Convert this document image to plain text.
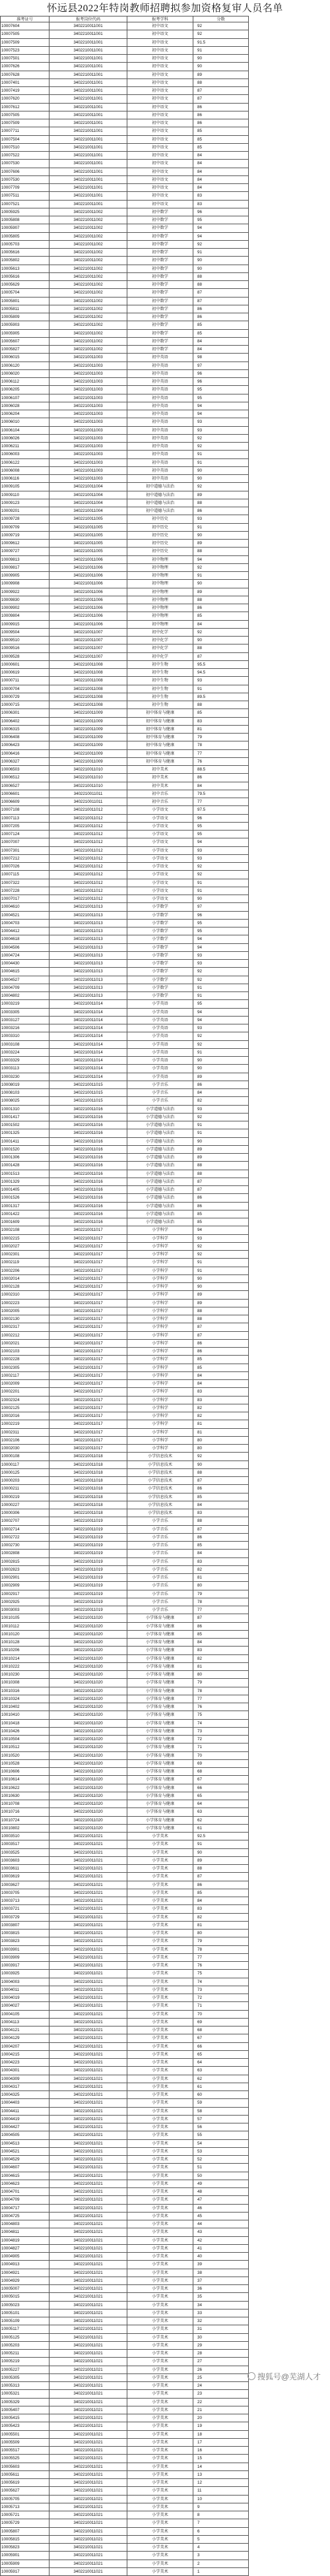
怀远县2022年特岗教师招聘拟参加资格复审人员名单
准考证号	报考岗位代码	报考学科	分数
10007604	3402210011001	初中语文	92
10007505	3402210011001	初中语文	92
10007509	3402210011001	初中语文	91.5
10007523	3402210011001	初中语文	91
10007501	3402210011001	初中语文	90
10007626	3402210011001	初中语文	90
10007628	3402210011001	初中语文	89
10007401	3402210011001	初中语文	88
10007419	3402210011001	初中语文	87
10007620	3402210011001	初中语文	87
10007612	3402210011001	初中语文	86
10007505	3402210011001	初中语文	86
10007509	3402210011001	初中语文	86
10007711	3402210011001	初中语文	85
10007504	3402210011001	初中语文	85
10007510	3402210011001	初中语文	85
10007522	3402210011001	初中语文	84
10007530	3402210011001	初中语文	84
10007606	3402210011001	初中语文	84
10007530	3402210011001	初中语文	84
10007709	3402210011001	初中语文	84
10007511	3402210011001	初中语文	83
10007521	3402210011001	初中语文	83
10005925	3402210011002	初中数学	96
10005808	3402210011002	初中数学	95
10005907	3402210011002	初中数学	94
10005805	3402210011002	初中数学	94
10005703	3402210011002	初中数学	92
10005616	3402210011002	初中数学	91
10005802	3402210011002	初中数学	90
10005613	3402210011002	初中数学	90
10005616	3402210011002	初中数学	88
10005629	3402210011002	初中数学	88
10005704	3402210011002	初中数学	87
10005801	3402210011002	初中数学	87
10005811	3402210011002	初中数学	86
10005809	3402210011002	初中数学	86
10005903	3402210011002	初中数学	85
10005905	3402210011002	初中数学	85
10005607	3402210011002	初中数学	84
10005827	3402210011002	初中数学	84
10006015	3402210011003	初中英语	98
10006120	3402210011003	初中英语	97
10006020	3402210011003	初中英语	96
10006112	3402210011003	初中英语	96
10006205	3402210011003	初中英语	95
10006107	3402210011003	初中英语	95
10006028	3402210011003	初中英语	94
10006204	3402210011003	初中英语	94
10006010	3402210011003	初中英语	93
10006104	3402210011003	初中英语	93
10006026	3402210011003	初中英语	92
10006211	3402210011003	初中英语	92
10006003	3402210011003	初中英语	91
10006122	3402210011003	初中英语	91
10006008	3402210011003	初中英语	90
10006116	3402210011003	初中英语	90
10009105	3402210011004	初中道德与法治	92
10009110	3402210011004	初中道德与法治	89
10009123	3402210011004	初中道德与法治	88
10009201	3402210011004	初中道德与法治	86
10009728	3402210011005	初中历史	93
10009709	3402210011005	初中历史	91
10009719	3402210011005	初中历史	90
10009612	3402210011005	初中历史	89
10009727	3402210011005	初中历史	88
10009813	3402210011006	初中物理	94
10009817	3402210011006	初中物理	92
10009905	3402210011006	初中物理	91
10009908	3402210011006	初中物理	90
10009922	3402210011006	初中物理	89
10009830	3402210011006	初中物理	88
10009902	3402210011006	初中物理	86
10009804	3402210011006	初中物理	85
10009915	3402210011006	初中物理	84
10009504	3402210011007	初中化学	92
10009510	3402210011007	初中化学	90
10009516	3402210011007	初中化学	88
10009528	3402210011007	初中化学	87
10000601	3402210011008	初中生物	95.5
10000619	3402210011008	初中生物	94.5
10000711	3402210011008	初中生物	93
10000704	3402210011008	初中生物	91
10000729	3402210011008	初中生物	89.5
10000715	3402210011008	初中生物	88
10006301	3402210011009	初中体育与健康	85
10006402	3402210011009	初中体育与健康	83
10006315	3402210011009	初中体育与健康	81
10006408	3402210011009	初中体育与健康	79
10006423	3402210011009	初中体育与健康	78
10006416	3402210011009	初中体育与健康	77
10006327	3402210011009	初中体育与健康	76
10006503	3402210011010	初中美术	88.5
10006512	3402210011010	初中美术	86
10006527	3402210011010	初中美术	84
10006601	3402210011011	初中音乐	79.5
10006609	3402210011011	初中音乐	77
10007108	3402210011012	小学语文	97.5
10007113	3402210011012	小学语文	96
10007205	3402210011012	小学语文	95
10007124	3402210011012	小学语文	95
10007007	3402210011012	小学语文	94
10007301	3402210011012	小学语文	93
10007212	3402210011012	小学语文	93
10007026	3402210011012	小学语文	92
10007115	3402210011012	小学语文	92
10007322	3402210011012	小学语文	91
10007228	3402210011012	小学语文	91
10007017	3402210011012	小学语文	90
10004610	3402210011013	小学数学	97
10004521	3402210011013	小学数学	96
10004703	3402210011013	小学数学	95
10004412	3402210011013	小学数学	95
10004618	3402210011013	小学数学	94
10004506	3402210011013	小学数学	94
10004724	3402210011013	小学数学	93
10004430	3402210011013	小学数学	93
10004615	3402210011013	小学数学	92
10004527	3402210011013	小学数学	92
10004709	3402210011013	小学数学	91
10004802	3402210011013	小学数学	91
10003219	3402210011014	小学英语	95
10003305	3402210011014	小学英语	94
10003127	3402210011014	小学英语	94
10003216	3402210011014	小学英语	93
10003310	3402210011014	小学英语	92
10003108	3402210011014	小学英语	92
10003224	3402210011014	小学英语	91
10003329	3402210011014	小学英语	90
10003113	3402210011014	小学英语	90
10003230	3402210011014	小学英语	89
10008019	3402210011015	小学音乐	86
10008103	3402210011015	小学音乐	84
10008025	3402210011015	小学音乐	82
10001310	3402210011016	小学道德与法治	93
10001417	3402210011016	小学道德与法治	92
10001502	3402210011016	小学道德与法治	91
10001325	3402210011016	小学道德与法治	91
10001411	3402210011016	小学道德与法治	90
10001520	3402210011016	小学道德与法治	89
10001306	3402210011016	小学道德与法治	89
10001428	3402210011016	小学道德与法治	88
10001513	3402210011016	小学道德与法治	88
10001329	3402210011016	小学道德与法治	87
10001405	3402210011016	小学道德与法治	87
10001526	3402210011016	小学道德与法治	86
10001317	3402210011016	小学道德与法治	86
10001422	3402210011016	小学道德与法治	85
10001609	3402210011016	小学道德与法治	85
10002108	3402210011017	小学科学	94
10002215	3402210011017	小学科学	93
10002027	3402210011017	小学科学	92
10002301	3402210011017	小学科学	92
10002119	3402210011017	小学科学	91
10002206	3402210011017	小学科学	91
10002014	3402210011017	小学科学	90
10002128	3402210011017	小学科学	90
10002310	3402210011017	小学科学	89
10002223	3402210011017	小学科学	89
10002005	3402210011017	小学科学	88
10002130	3402210011017	小学科学	88
10002317	3402210011017	小学科学	87
10002212	3402210011017	小学科学	87
10002021	3402210011017	小学科学	86
10002103	3402210011017	小学科学	86
10002228	3402210011017	小学科学	85
10002305	3402210011017	小学科学	85
10002117	3402210011017	小学科学	84
10002009	3402210011017	小学科学	84
10002201	3402210011017	小学科学	83
10002324	3402210011017	小学科学	83
10002125	3402210011017	小学科学	82
10002016	3402210011017	小学科学	82
10002219	3402210011017	小学科学	81
10002311	3402210011017	小学科学	81
10002106	3402210011017	小学科学	80
10002030	3402210011017	小学科学	80
10000108	3402210011018	小学信息技术	92
10000117	3402210011018	小学信息技术	90
10000125	3402210011018	小学信息技术	88
10000203	3402210011018	小学信息技术	87
10000211	3402210011018	小学信息技术	86
10000219	3402210011018	小学信息技术	85
10000227	3402210011018	小学信息技术	84
10000306	3402210011018	小学信息技术	83
10002707	3402210011019	小学音乐	88
10002714	3402210011019	小学音乐	87
10002722	3402210011019	小学音乐	86
10002730	3402210011019	小学音乐	85
10002808	3402210011019	小学音乐	84
10002815	3402210011019	小学音乐	83
10002823	3402210011019	小学音乐	82
10002901	3402210011019	小学音乐	81
10002909	3402210011019	小学音乐	80
10002917	3402210011019	小学音乐	79
10002925	3402210011019	小学音乐	78
10003003	3402210011019	小学音乐	77
10010105	3402210011020	小学体育与健康	87
10010112	3402210011020	小学体育与健康	86
10010120	3402210011020	小学体育与健康	85
10010128	3402210011020	小学体育与健康	84
10010206	3402210011020	小学体育与健康	83
10010214	3402210011020	小学体育与健康	82
10010222	3402210011020	小学体育与健康	81
10010230	3402210011020	小学体育与健康	80
10010308	3402210011020	小学体育与健康	79
10010316	3402210011020	小学体育与健康	78
10010324	3402210011020	小学体育与健康	77
10010402	3402210011020	小学体育与健康	76
10010410	3402210011020	小学体育与健康	75
10010418	3402210011020	小学体育与健康	74
10010426	3402210011020	小学体育与健康	73
10010504	3402210011020	小学体育与健康	72
10010512	3402210011020	小学体育与健康	71
10010520	3402210011020	小学体育与健康	70
10010528	3402210011020	小学体育与健康	69
10010606	3402210011020	小学体育与健康	68
10010614	3402210011020	小学体育与健康	67
10010622	3402210011020	小学体育与健康	66
10010630	3402210011020	小学体育与健康	65
10010708	3402210011020	小学体育与健康	64
10010716	3402210011020	小学体育与健康	63
10010724	3402210011020	小学体育与健康	62
10010802	3402210011020	小学体育与健康	61
10003510	3402210011021	小学美术	92.5
10003517	3402210011021	小学美术	91
10003525	3402210011021	小学美术	90
10003603	3402210011021	小学美术	89
10003611	3402210011021	小学美术	88
10003619	3402210011021	小学美术	87
10003627	3402210011021	小学美术	86
10003705	3402210011021	小学美术	85
10003713	3402210011021	小学美术	84
10003721	3402210011021	小学美术	83
10003729	3402210011021	小学美术	82
10003807	3402210011021	小学美术	81
10003815	3402210011021	小学美术	80
10003823	3402210011021	小学美术	79
10003901	3402210011021	小学美术	78
10003909	3402210011021	小学美术	77
10003917	3402210011021	小学美术	76
10003925	3402210011021	小学美术	75
10004003	3402210011021	小学美术	74
10004011	3402210011021	小学美术	73
10004019	3402210011021	小学美术	72
10004027	3402210011021	小学美术	71
10004105	3402210011021	小学美术	70
10004113	3402210011021	小学美术	69
10004121	3402210011021	小学美术	68
10004129	3402210011021	小学美术	67
10004207	3402210011021	小学美术	66
10004215	3402210011021	小学美术	65
10004223	3402210011021	小学美术	64
10004301	3402210011021	小学美术	63
10004309	3402210011021	小学美术	62
10004317	3402210011021	小学美术	61
10004325	3402210011021	小学美术	60
10004403	3402210011021	小学美术	59
10004411	3402210011021	小学美术	58
10004419	3402210011021	小学美术	57
10004427	3402210011021	小学美术	56
10004505	3402210011021	小学美术	55
10004513	3402210011021	小学美术	54
10004521	3402210011021	小学美术	53
10004529	3402210011021	小学美术	52
10004607	3402210011021	小学美术	51
10004615	3402210011021	小学美术	50
10004623	3402210011021	小学美术	49
10004701	3402210011021	小学美术	48
10004709	3402210011021	小学美术	47
10004717	3402210011021	小学美术	46
10004725	3402210011021	小学美术	45
10004803	3402210011021	小学美术	44
10004811	3402210011021	小学美术	43
10004819	3402210011021	小学美术	42
10004827	3402210011021	小学美术	41
10004905	3402210011021	小学美术	40
10004913	3402210011021	小学美术	39
10004921	3402210011021	小学美术	38
10004929	3402210011021	小学美术	37
10005007	3402210011021	小学美术	36
10005015	3402210011021	小学美术	35
10005023	3402210011021	小学美术	34
10005101	3402210011021	小学美术	33
10005109	3402210011021	小学美术	32
10005117	3402210011021	小学美术	31
10005125	3402210011021	小学美术	30
10005203	3402210011021	小学美术	29
10005211	3402210011021	小学美术	28
10005219	3402210011021	小学美术	27
10005227	3402210011021	小学美术	26
10005305	3402210011021	小学美术	25
10005313	3402210011021	小学美术	24
10005321	3402210011021	小学美术	23
10005329	3402210011021	小学美术	22
10005407	3402210011021	小学美术	21
10005415	3402210011021	小学美术	20
10005423	3402210011021	小学美术	19
10005501	3402210011021	小学美术	18
10005509	3402210011021	小学美术	17
10005517	3402210011021	小学美术	16
10005525	3402210011021	小学美术	15
10005603	3402210011021	小学美术	14
10005611	3402210011021	小学美术	13
10005619	3402210011021	小学美术	12
10005627	3402210011021	小学美术	11
10005705	3402210011021	小学美术	10
10005713	3402210011021	小学美术	9
10005721	3402210011021	小学美术	8
10005729	3402210011021	小学美术	7
10005807	3402210011021	小学美术	6
10005815	3402210011021	小学美术	5
10005823	3402210011021	小学美术	4
10005901	3402210011021	小学美术	3
10005909	3402210011021	小学美术	2
10005917	3402210011021	小学美术	1
搜狐号@芜湖人才
